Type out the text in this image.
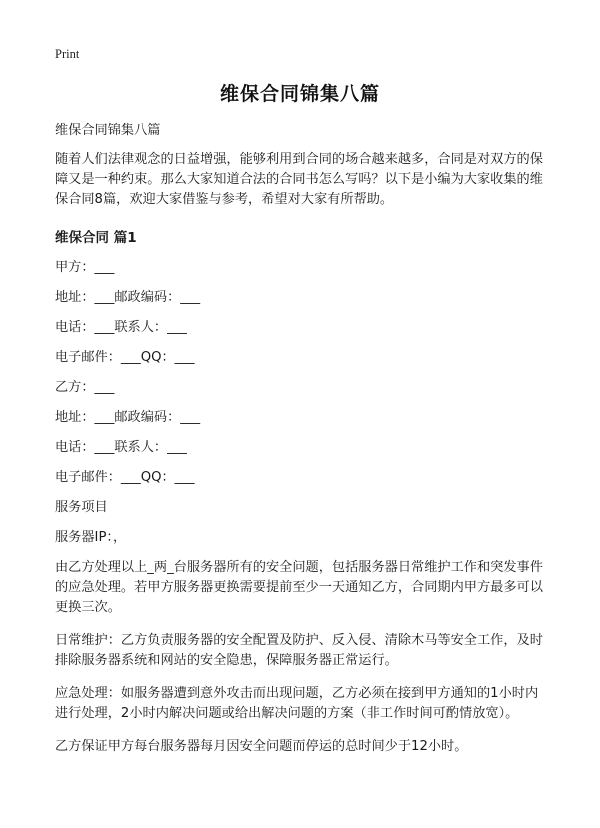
Print
维保合同锦集八篇

维保合同锦集八篇

随着人们法律观念的日益增强，能够利用到合同的场合越来越多，合同是对双方的保障又是一种约束。那么大家知道合法的合同书怎么写吗？以下是小编为大家收集的维保合同8篇，欢迎大家借鉴与参考，希望对大家有所帮助。

维保合同 篇1

甲方：___

地址：___邮政编码：___

电话：___联系人：___

电子邮件：___QQ：___

乙方：___

地址：___邮政编码：___

电话：___联系人：___

电子邮件：___QQ：___

服务项目

服务器IP：，

由乙方处理以上_两_台服务器所有的安全问题，包括服务器日常维护工作和突发事件的应急处理。若甲方服务器更换需要提前至少一天通知乙方，合同期内甲方最多可以更换三次。

日常维护：乙方负责服务器的安全配置及防护、反入侵、清除木马等安全工作，及时排除服务器系统和网站的安全隐患，保障服务器正常运行。

应急处理：如服务器遭到意外攻击而出现问题，乙方必须在接到甲方通知的1小时内进行处理，2小时内解决问题或给出解决问题的方案（非工作时间可酌情放宽）。

乙方保证甲方每台服务器每月因安全问题而停运的总时间少于12小时。
